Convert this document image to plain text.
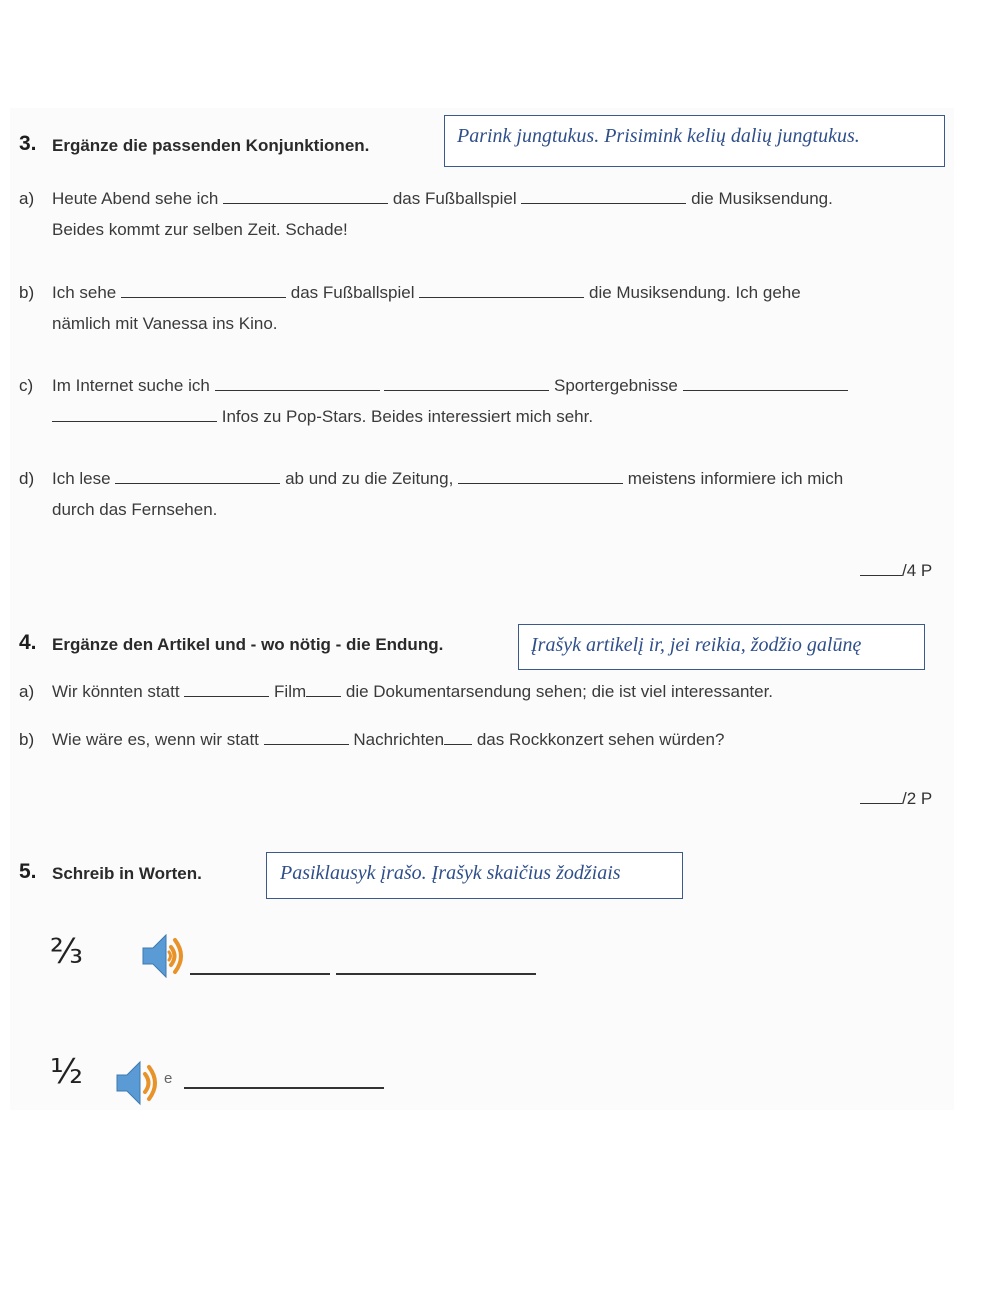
3. Ergänze die passenden Konjunktionen.	Parink jungtukus. Prisimink kelių dalių jungtukus.
a) Heute Abend sehe ich	das Fußballspiel	die Musiksendung.
Beides kommt zur selben Zeit. Schade!
b) Ich sehe	das Fußballspiel	die Musiksendung. Ich gehe
nämlich mit Vanessa ins Kino.
c) Im Internet suche ich	Sportergebnisse
Infos zu Pop-Stars. Beides interessiert mich sehr.
d) Ich lese	ab und zu die Zeitung,	meistens informiere ich mich
durch das Fernsehen.
/4 P
4. Ergänze den Artikel und - wo nötig - die Endung.	Įrašyk artikelį ir, jei reikia, žodžio galūnę
a) Wir könnten statt	Film die Dokumentarsendung sehen; die ist viel interessanter.
b) Wie wäre es, wenn wir statt	Nachrichten das Rockkonzert sehen würden?
/2 P
5. Schreib in Worten.	Pasiklausyk įrašo. Įrašyk skaičius žodžiais
⅔
½	e
